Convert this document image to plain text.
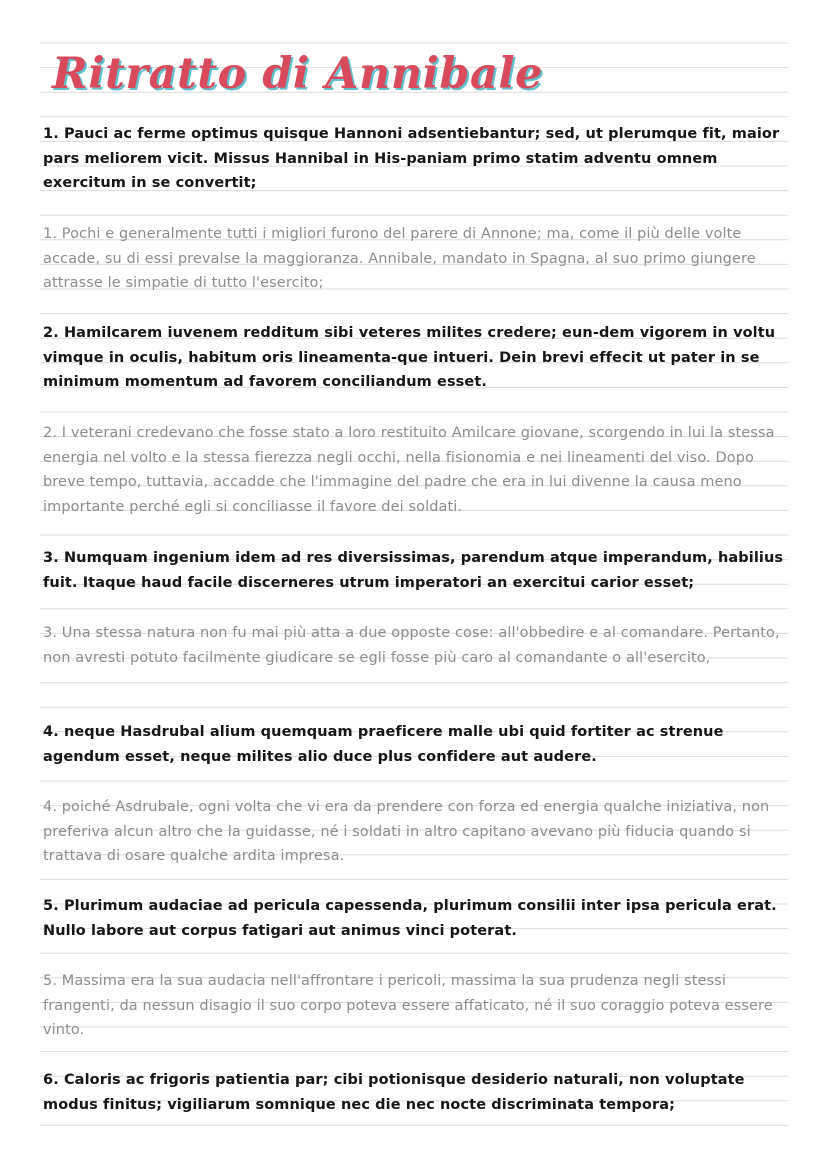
Ritratto di Annibale

1. Pauci ac ferme optimus quisque Hannoni adsentiebantur; sed, ut plerumque fit, maior pars meliorem vicit. Missus Hannibal in His-paniam primo statim adventu omnem exercitum in se convertit;

1. Pochi e generalmente tutti i migliori furono del parere di Annone; ma, come il più delle volte accade, su di essi prevalse la maggioranza. Annibale, mandato in Spagna, al suo primo giungere attrasse le simpatie di tutto l'esercito;

2. Hamilcarem iuvenem redditum sibi veteres milites credere; eun-dem vigorem in voltu vimque in oculis, habitum oris lineamenta-que intueri. Dein brevi effecit ut pater in se minimum momentum ad favorem conciliandum esset.

2. I veterani credevano che fosse stato a loro restituito Amilcare giovane, scorgendo in lui la stessa energia nel volto e la stessa fierezza negli occhi, nella fisionomia e nei lineamenti del viso. Dopo breve tempo, tuttavia, accadde che l'immagine del padre che era in lui divenne la causa meno importante perché egli si conciliasse il favore dei soldati.

3. Numquam ingenium idem ad res diversissimas, parendum atque imperandum, habilius fuit. Itaque haud facile discerneres utrum imperatori an exercitui carior esset;

3. Una stessa natura non fu mai più atta a due opposte cose: all'obbedire e al comandare. Pertanto, non avresti potuto facilmente giudicare se egli fosse più caro al comandante o all'esercito,

4. neque Hasdrubal alium quemquam praeficere malle ubi quid fortiter ac strenue agendum esset, neque milites alio duce plus confidere aut audere.

4. poiché Asdrubale, ogni volta che vi era da prendere con forza ed energia qualche iniziativa, non preferiva alcun altro che la guidasse, né i soldati in altro capitano avevano più fiducia quando si trattava di osare qualche ardita impresa.

5. Plurimum audaciae ad pericula capessenda, plurimum consilii inter ipsa pericula erat. Nullo labore aut corpus fatigari aut animus vinci poterat.

5. Massima era la sua audacia nell'affrontare i pericoli, massima la sua prudenza negli stessi frangenti, da nessun disagio il suo corpo poteva essere affaticato, né il suo coraggio poteva essere vinto.

6. Caloris ac frigoris patientia par; cibi potionisque desiderio naturali, non voluptate modus finitus; vigiliarum somnique nec die nec nocte discriminata tempora;
